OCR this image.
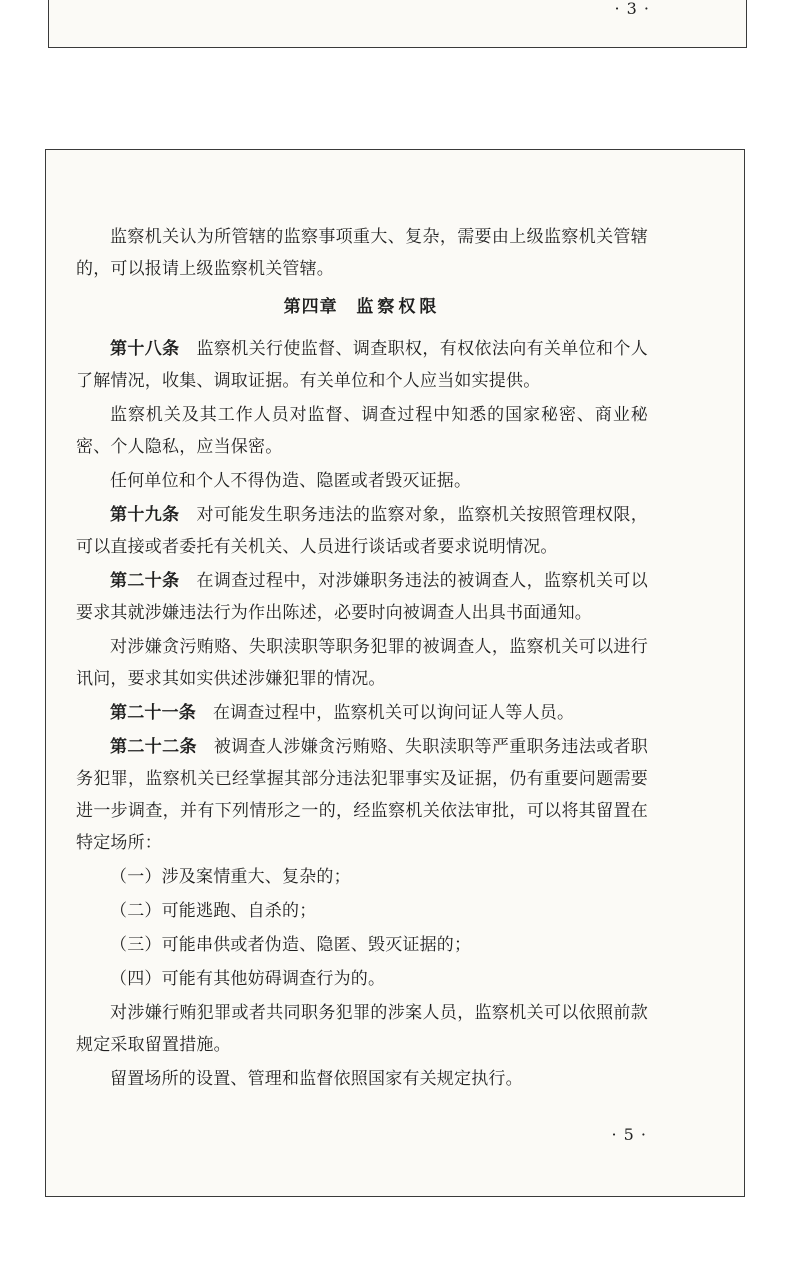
· 3 ·

监察机关认为所管辖的监察事项重大、复杂，需要由上级监察机关管辖的，可以报请上级监察机关管辖。

第四章 监察权限

第十八条 监察机关行使监督、调查职权，有权依法向有关单位和个人了解情况，收集、调取证据。有关单位和个人应当如实提供。

监察机关及其工作人员对监督、调查过程中知悉的国家秘密、商业秘密、个人隐私，应当保密。

任何单位和个人不得伪造、隐匿或者毁灭证据。

第十九条 对可能发生职务违法的监察对象，监察机关按照管理权限，可以直接或者委托有关机关、人员进行谈话或者要求说明情况。

第二十条 在调查过程中，对涉嫌职务违法的被调查人，监察机关可以要求其就涉嫌违法行为作出陈述，必要时向被调查人出具书面通知。

对涉嫌贪污贿赂、失职渎职等职务犯罪的被调查人，监察机关可以进行讯问，要求其如实供述涉嫌犯罪的情况。

第二十一条 在调查过程中，监察机关可以询问证人等人员。

第二十二条 被调查人涉嫌贪污贿赂、失职渎职等严重职务违法或者职务犯罪，监察机关已经掌握其部分违法犯罪事实及证据，仍有重要问题需要进一步调查，并有下列情形之一的，经监察机关依法审批，可以将其留置在特定场所：

（一）涉及案情重大、复杂的；

（二）可能逃跑、自杀的；

（三）可能串供或者伪造、隐匿、毁灭证据的；

（四）可能有其他妨碍调查行为的。

对涉嫌行贿犯罪或者共同职务犯罪的涉案人员，监察机关可以依照前款规定采取留置措施。

留置场所的设置、管理和监督依照国家有关规定执行。

· 5 ·
